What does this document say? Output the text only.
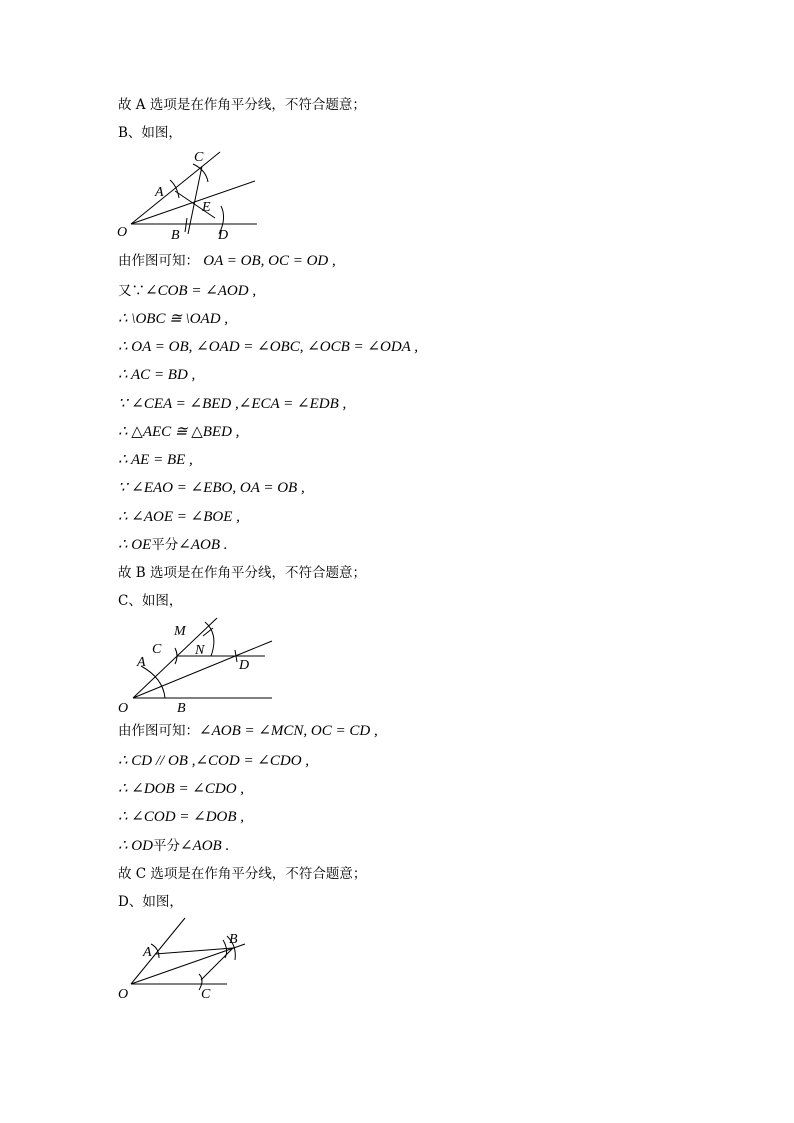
故 A 选项是在作角平分线，不符合题意；
B、如图，
O
A
B
C
D
E
由作图可知： OA = OB, OC = OD ,
又∵∠COB = ∠AOD ,
∴ \OBC ≅ \OAD ,
∴ OA = OB, ∠OAD = ∠OBC, ∠OCB = ∠ODA ,
∴ AC = BD ,
∵ ∠CEA = ∠BED ,∠ECA = ∠EDB ,
∴ △AEC ≅ △BED ,
∴ AE = BE ,
∵ ∠EAO = ∠EBO, OA = OB ,
∴ ∠AOE = ∠BOE ,
∴ OE平分∠AOB .
故 B 选项是在作角平分线，不符合题意；
C、如图，
O
A
B
C
D
M
N
由作图可知：∠AOB = ∠MCN, OC = CD ,
∴ CD // OB ,∠COD = ∠CDO ,
∴ ∠DOB = ∠CDO ,
∴ ∠COD = ∠DOB ,
∴ OD平分∠AOB .
故 C 选项是在作角平分线，不符合题意；
D、如图，
O
A
B
C
